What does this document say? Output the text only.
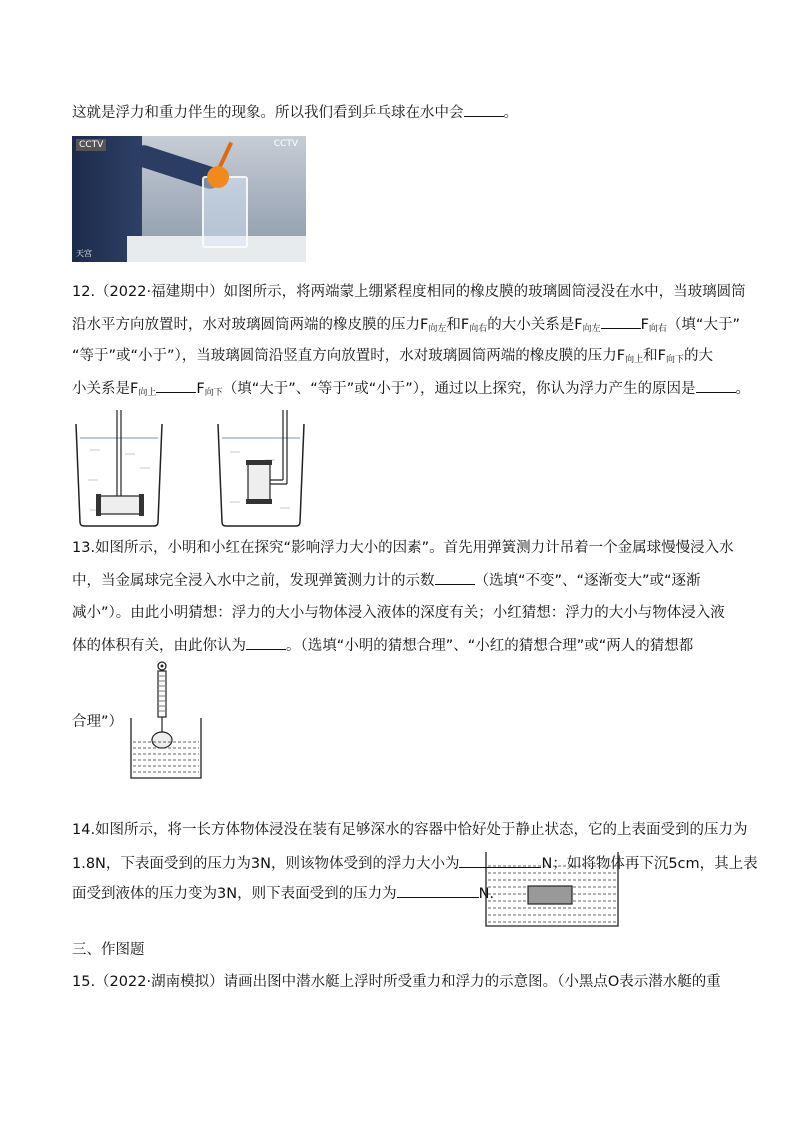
这就是浮力和重力伴生的现象。所以我们看到乒乓球在水中会	。
CCTV	CCTV
天宫
12.（2022·福建期中）如图所示，将两端蒙上绷紧程度相同的橡皮膜的玻璃圆筒浸没在水中，当玻璃圆筒
沿水平方向放置时，水对玻璃圆筒两端的橡皮膜的压力$F_{向左}$和$F_{向右}$的大小关系是$F_{向左}$	$F_{向右}$（填“大于”
“等于”或“小于”），当玻璃圆筒沿竖直方向放置时，水对玻璃圆筒两端的橡皮膜的压力$F_{向上}$和$F_{向下}$的大
小关系是$F_{向上}$	$F_{向下}$（填“大于”、“等于”或“小于”），通过以上探究，你认为浮力产生的原因是	。
13.如图所示，小明和小红在探究“影响浮力大小的因素”。首先用弹簧测力计吊着一个金属球慢慢浸入水
中，当金属球完全浸入水中之前，发现弹簧测力计的示数	（选填“不变”、“逐渐变大”或“逐渐
减小”）。由此小明猜想：浮力的大小与物体浸入液体的深度有关；小红猜想：浮力的大小与物体浸入液
体的体积有关，由此你认为	。（选填“小明的猜想合理”、“小红的猜想合理”或“两人的猜想都
合理”）
14.如图所示，将一长方体物体浸没在装有足够深水的容器中恰好处于静止状态，它的上表面受到的压力为
1.8N，下表面受到的压力为3N，则该物体受到的浮力大小为	N；如将物体再下沉5cm，其上表
面受到液体的压力变为3N，则下表面受到的压力为	N.
三、作图题
15.（2022·湖南模拟）请画出图中潜水艇上浮时所受重力和浮力的示意图。（小黑点O表示潜水艇的重
